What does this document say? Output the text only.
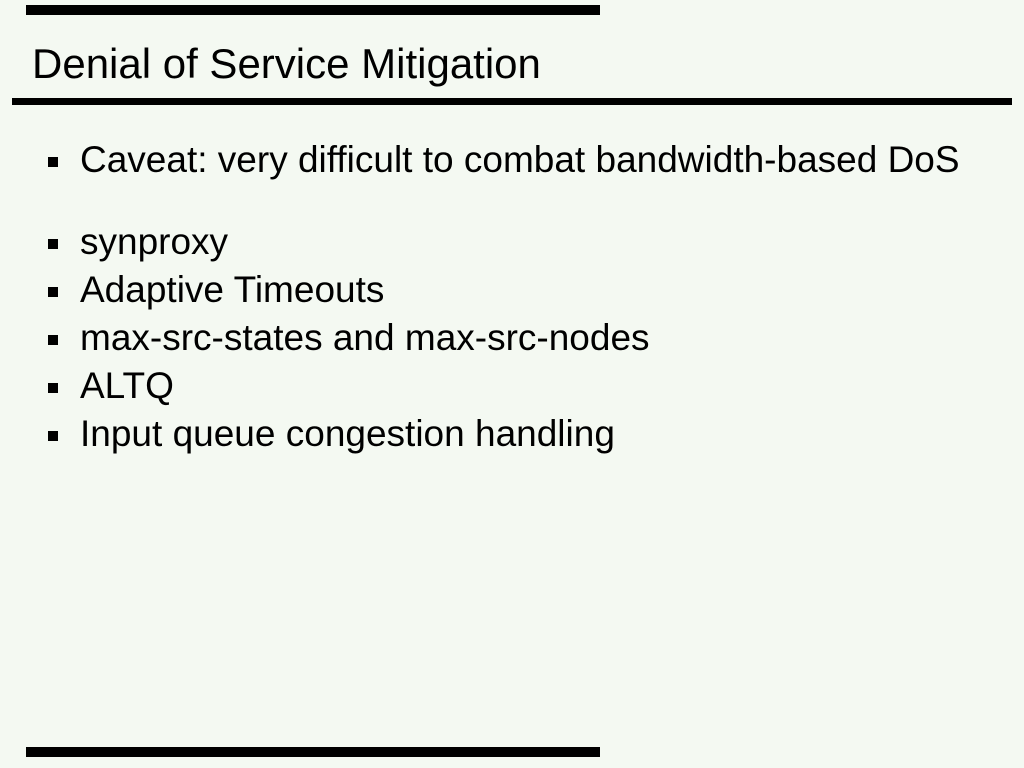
Denial of Service Mitigation
Caveat: very difficult to combat bandwidth-based DoS
synproxy
Adaptive Timeouts
max-src-states and max-src-nodes
ALTQ
Input queue congestion handling
